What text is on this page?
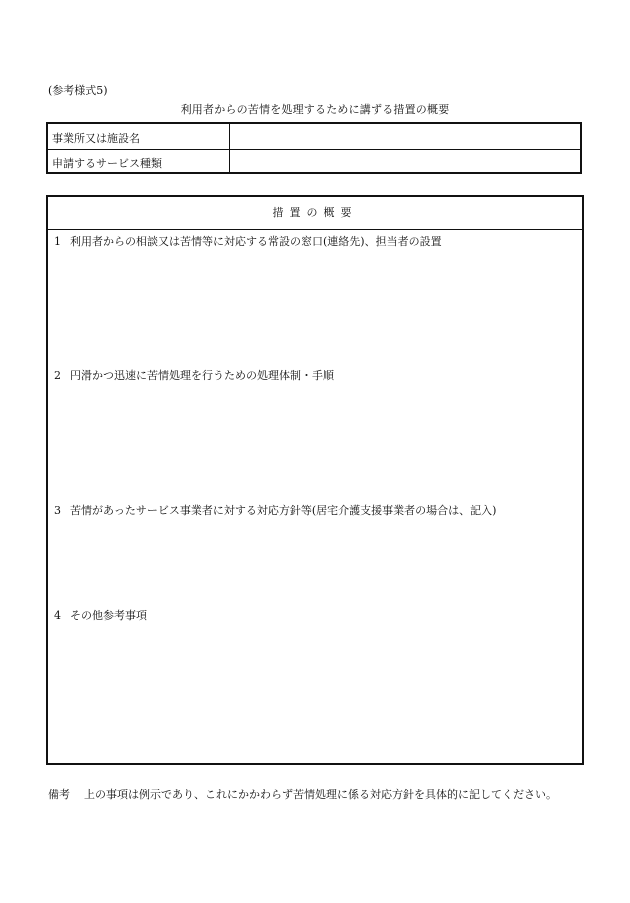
(参考様式5)
利用者からの苦情を処理するために講ずる措置の概要
事業所又は施設名
申請するサービス種類
措置の概要
1 利用者からの相談又は苦情等に対応する常設の窓口(連絡先)、担当者の設置
2 円滑かつ迅速に苦情処理を行うための処理体制・手順
3 苦情があったサービス事業者に対する対応方針等(居宅介護支援事業者の場合は、記入)
4 その他参考事項
備考 上の事項は例示であり、これにかかわらず苦情処理に係る対応方針を具体的に記してください。
